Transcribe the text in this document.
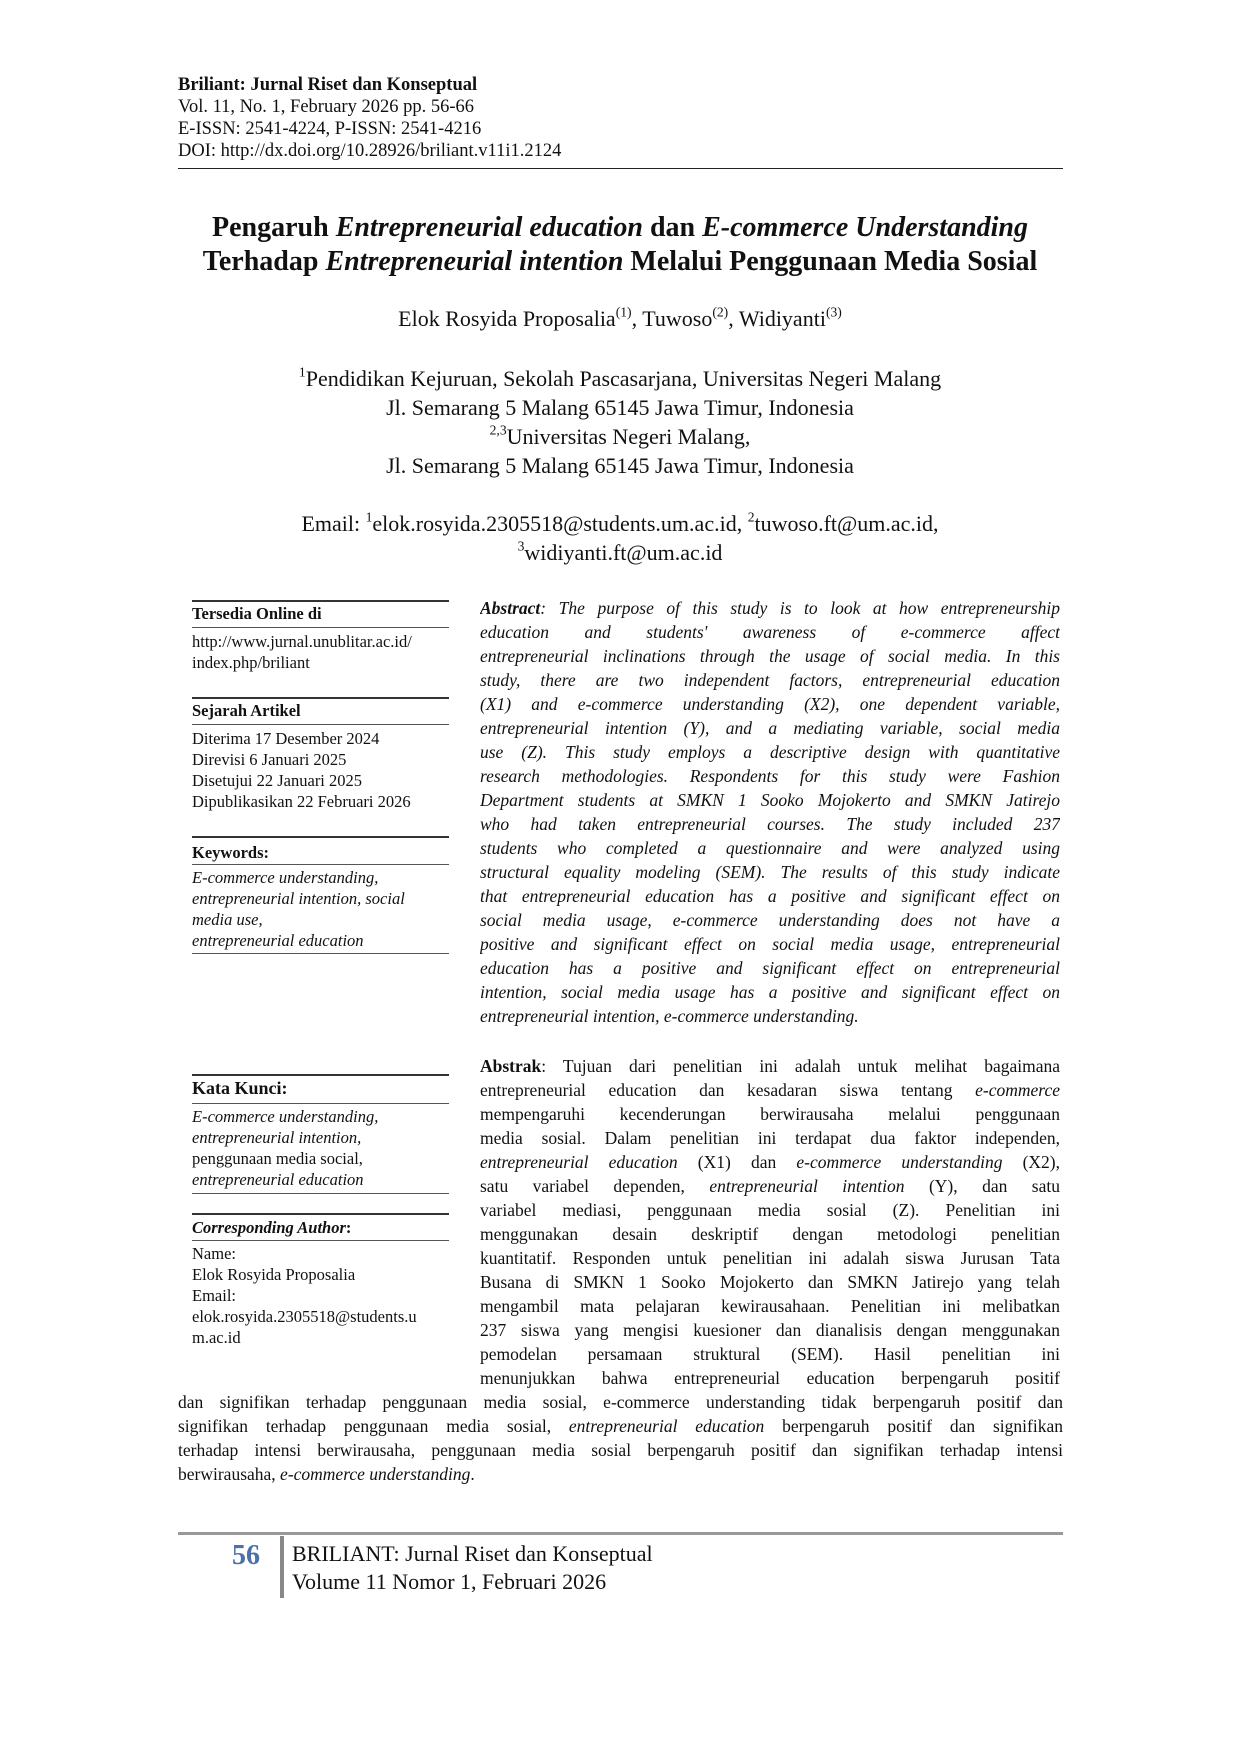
Briliant: Jurnal Riset dan Konseptual
Vol. 11, No. 1, February 2026 pp. 56-66
E-ISSN: 2541-4224, P-ISSN: 2541-4216
DOI: http://dx.doi.org/10.28926/briliant.v11i1.2124
Pengaruh Entrepreneurial education dan E-commerce Understanding
Terhadap Entrepreneurial intention Melalui Penggunaan Media Sosial
Elok Rosyida Proposalia$^{(1)}$, Tuwoso$^{(2)}$, Widiyanti$^{(3)}$
$^1$Pendidikan Kejuruan, Sekolah Pascasarjana, Universitas Negeri Malang
Jl. Semarang 5 Malang 65145 Jawa Timur, Indonesia
$^{2,3}$Universitas Negeri Malang,
Jl. Semarang 5 Malang 65145 Jawa Timur, Indonesia
Email: $^1$elok.rosyida.2305518@students.um.ac.id, $^2$tuwoso.ft@um.ac.id,
$^3$widiyanti.ft@um.ac.id
Tersedia Online di
http://www.jurnal.unublitar.ac.id/
index.php/briliant
Sejarah Artikel
Diterima 17 Desember 2024
Direvisi 6 Januari 2025
Disetujui 22 Januari 2025
Dipublikasikan 22 Februari 2026
Keywords:
E-commerce understanding,
entrepreneurial intention, social
media use,
entrepreneurial education
Kata Kunci:
E-commerce understanding,
entrepreneurial intention,
penggunaan media social,
entrepreneurial education
Corresponding Author:
Name:
Elok Rosyida Proposalia
Email:
elok.rosyida.2305518@students.u
m.ac.id
Abstract: The purpose of this study is to look at how entrepreneurship
education and students' awareness of e-commerce affect
entrepreneurial inclinations through the usage of social media. In this
study, there are two independent factors, entrepreneurial education
(X1) and e-commerce understanding (X2), one dependent variable,
entrepreneurial intention (Y), and a mediating variable, social media
use (Z). This study employs a descriptive design with quantitative
research methodologies. Respondents for this study were Fashion
Department students at SMKN 1 Sooko Mojokerto and SMKN Jatirejo
who had taken entrepreneurial courses. The study included 237
students who completed a questionnaire and were analyzed using
structural equality modeling (SEM). The results of this study indicate
that entrepreneurial education has a positive and significant effect on
social media usage, e-commerce understanding does not have a
positive and significant effect on social media usage, entrepreneurial
education has a positive and significant effect on entrepreneurial
intention, social media usage has a positive and significant effect on
entrepreneurial intention, e-commerce understanding.
Abstrak: Tujuan dari penelitian ini adalah untuk melihat bagaimana
entrepreneurial education dan kesadaran siswa tentang e-commerce
mempengaruhi kecenderungan berwirausaha melalui penggunaan
media sosial. Dalam penelitian ini terdapat dua faktor independen,
entrepreneurial education (X1) dan e-commerce understanding (X2),
satu variabel dependen, entrepreneurial intention (Y), dan satu
variabel mediasi, penggunaan media sosial (Z). Penelitian ini
menggunakan desain deskriptif dengan metodologi penelitian
kuantitatif. Responden untuk penelitian ini adalah siswa Jurusan Tata
Busana di SMKN 1 Sooko Mojokerto dan SMKN Jatirejo yang telah
mengambil mata pelajaran kewirausahaan. Penelitian ini melibatkan
237 siswa yang mengisi kuesioner dan dianalisis dengan menggunakan
pemodelan persamaan struktural (SEM). Hasil penelitian ini
menunjukkan bahwa entrepreneurial education berpengaruh positif
dan signifikan terhadap penggunaan media sosial, e-commerce understanding tidak berpengaruh positif dan
signifikan terhadap penggunaan media sosial, entrepreneurial education berpengaruh positif dan signifikan
terhadap intensi berwirausaha, penggunaan media sosial berpengaruh positif dan signifikan terhadap intensi
berwirausaha, e-commerce understanding.
56 BRILIANT: Jurnal Riset dan Konseptual
Volume 11 Nomor 1, Februari 2026
